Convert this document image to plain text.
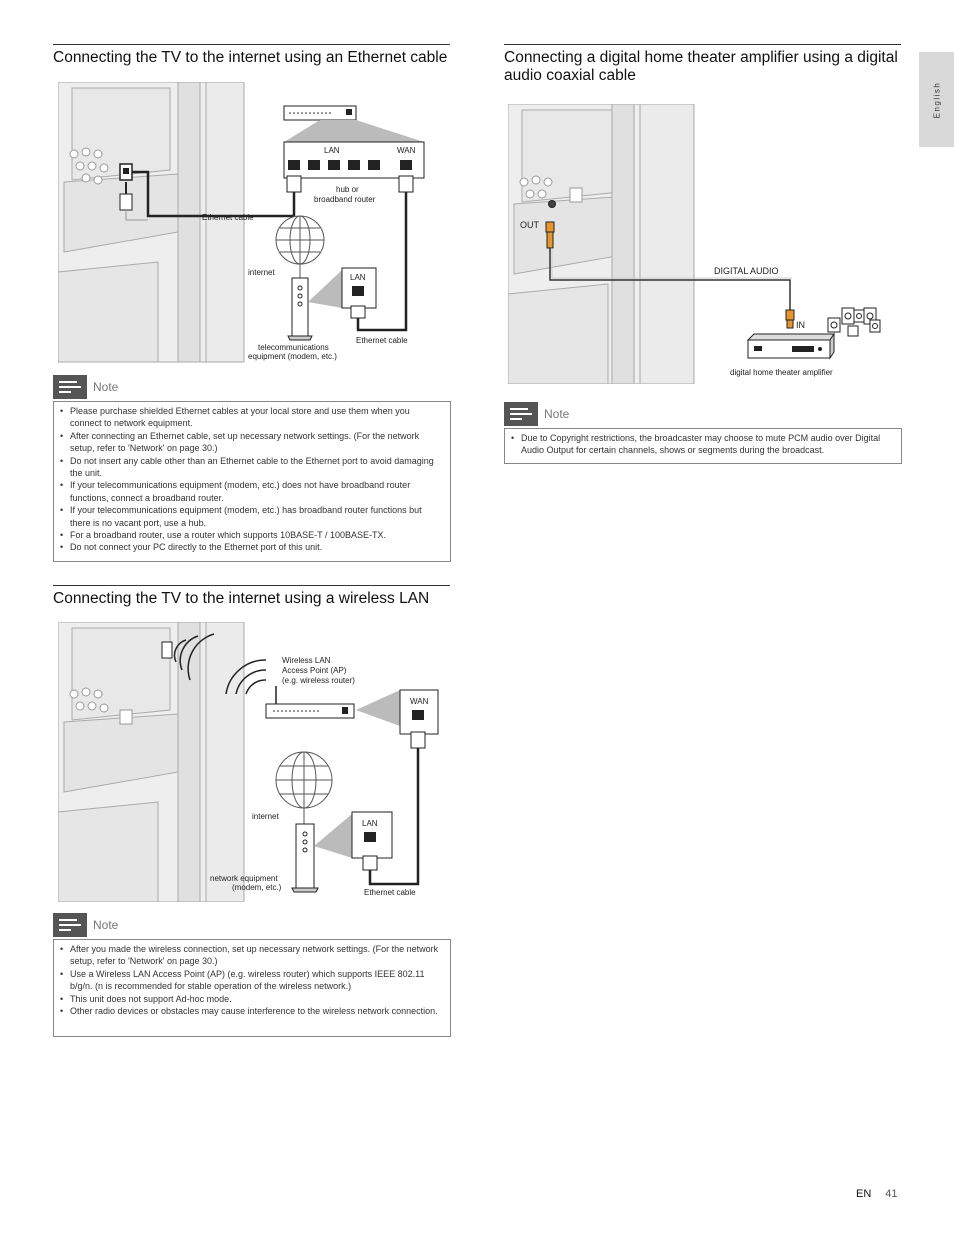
English
Connecting the TV to the internet using an Ethernet cable
LAN	WAN
hub or
broadband router
Ethernet cable
internet
LAN
Ethernet cable
telecommunications
equipment (modem, etc.)
Note
• Please purchase shielded Ethernet cables at your local store and use them when you connect to network equipment.
• After connecting an Ethernet cable, set up necessary network settings. (For the network setup, refer to 'Network' on page 30.)
• Do not insert any cable other than an Ethernet cable to the Ethernet port to avoid damaging the unit.
• If your telecommunications equipment (modem, etc.) does not have broadband router functions, connect a broadband router.
• If your telecommunications equipment (modem, etc.) has broadband router functions but there is no vacant port, use a hub.
• For a broadband router, use a router which supports 10BASE-T / 100BASE-TX.
• Do not connect your PC directly to the Ethernet port of this unit.
Connecting the TV to the internet using a wireless LAN
Wireless LAN
Access Point (AP)
(e.g. wireless router)
WAN
internet
LAN
network equipment
(modem, etc.)
Ethernet cable
Note
• After you made the wireless connection, set up necessary network settings. (For the network setup, refer to 'Network' on page 30.)
• Use a Wireless LAN Access Point (AP) (e.g. wireless router) which supports IEEE 802.11 b/g/n. (n is recommended for stable operation of the wireless network.)
• This unit does not support Ad-hoc mode.
• Other radio devices or obstacles may cause interference to the wireless network connection.
Connecting a digital home theater amplifier using a digital audio coaxial cable
OUT
DIGITAL AUDIO
IN
digital home theater amplifier
Note
• Due to Copyright restrictions, the broadcaster may choose to mute PCM audio over Digital Audio Output for certain channels, shows or segments during the broadcast.
EN 41
